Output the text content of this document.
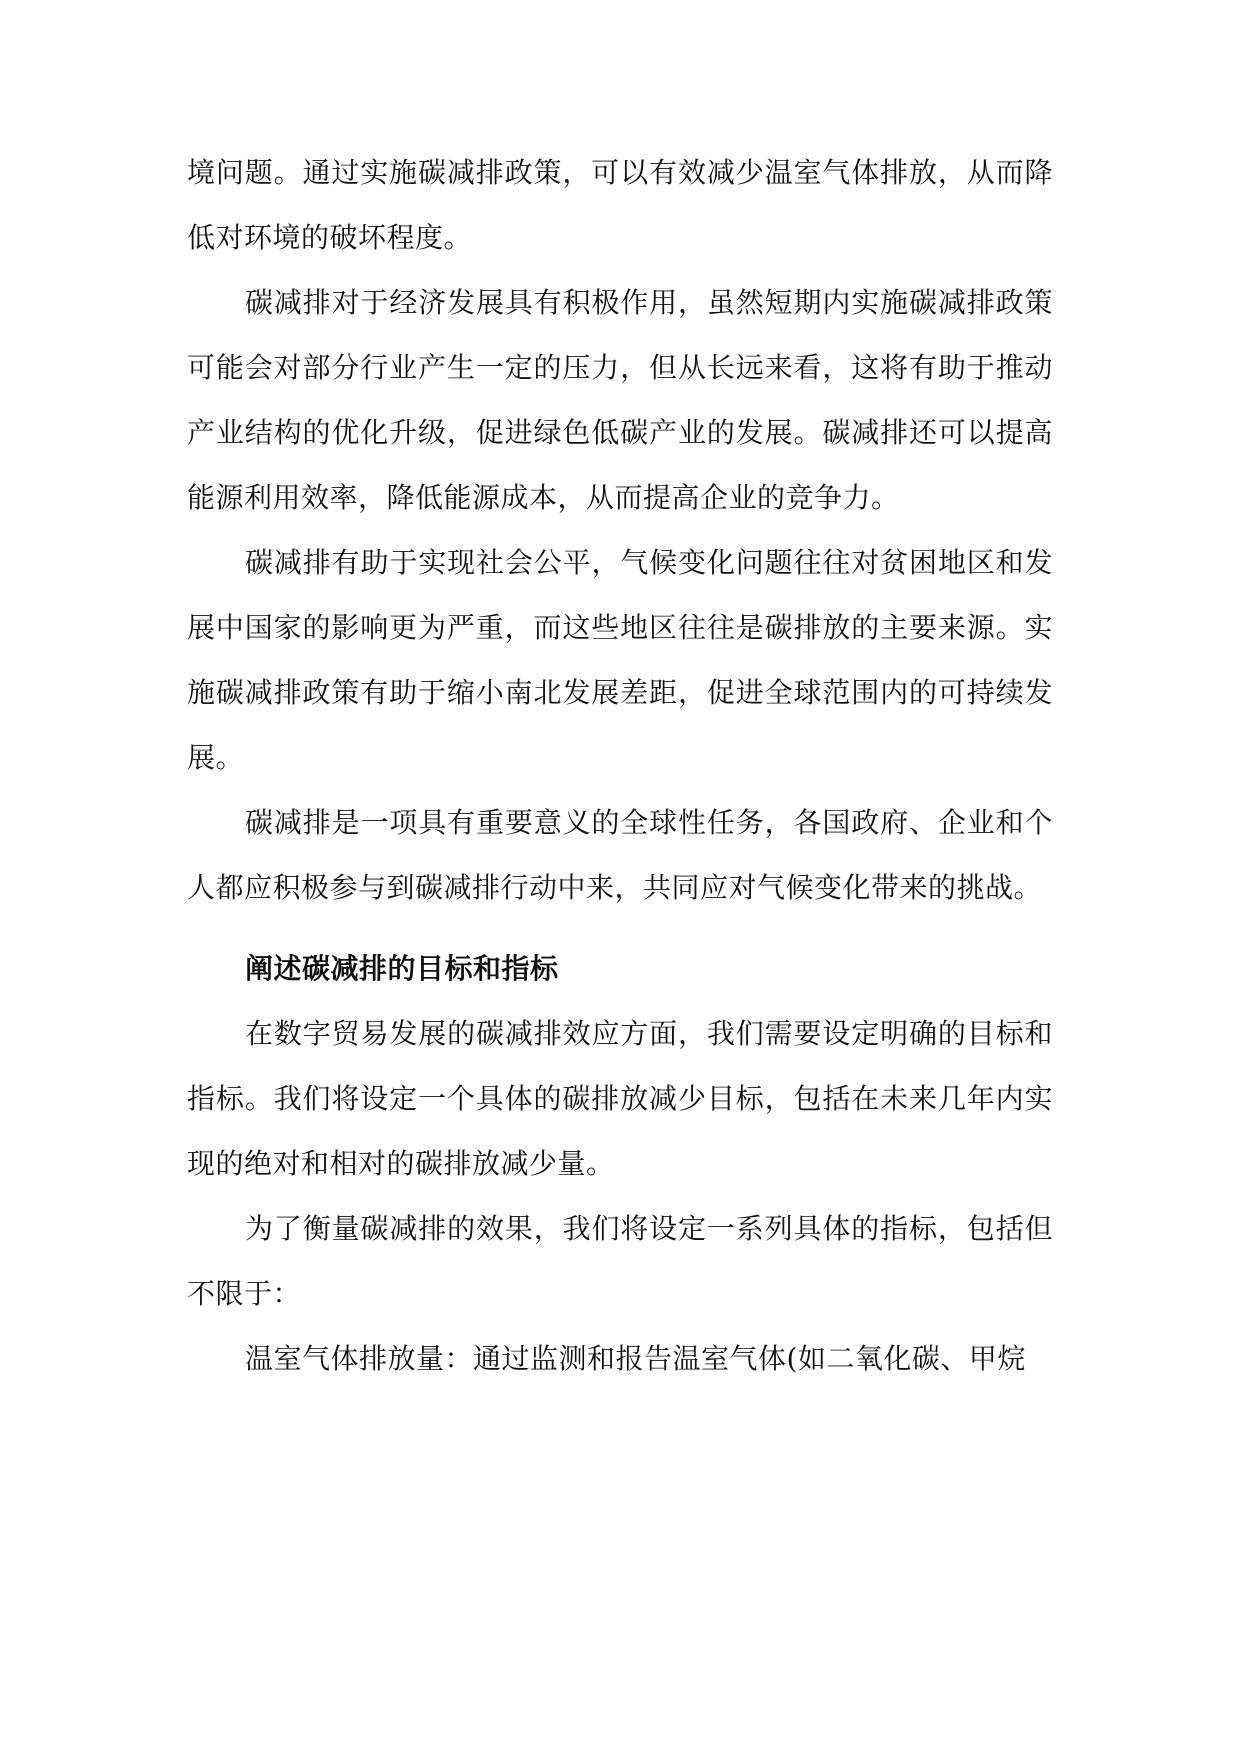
境问题。通过实施碳减排政策，可以有效减少温室气体排放，从而降低对环境的破坏程度。

碳减排对于经济发展具有积极作用，虽然短期内实施碳减排政策可能会对部分行业产生一定的压力，但从长远来看，这将有助于推动产业结构的优化升级，促进绿色低碳产业的发展。碳减排还可以提高能源利用效率，降低能源成本，从而提高企业的竞争力。

碳减排有助于实现社会公平，气候变化问题往往对贫困地区和发展中国家的影响更为严重，而这些地区往往是碳排放的主要来源。实施碳减排政策有助于缩小南北发展差距，促进全球范围内的可持续发展。

碳减排是一项具有重要意义的全球性任务，各国政府、企业和个人都应积极参与到碳减排行动中来，共同应对气候变化带来的挑战。

阐述碳减排的目标和指标

在数字贸易发展的碳减排效应方面，我们需要设定明确的目标和指标。我们将设定一个具体的碳排放减少目标，包括在未来几年内实现的绝对和相对的碳排放减少量。

为了衡量碳减排的效果，我们将设定一系列具体的指标，包括但不限于：

温室气体排放量：通过监测和报告温室气体(如二氧化碳、甲烷
